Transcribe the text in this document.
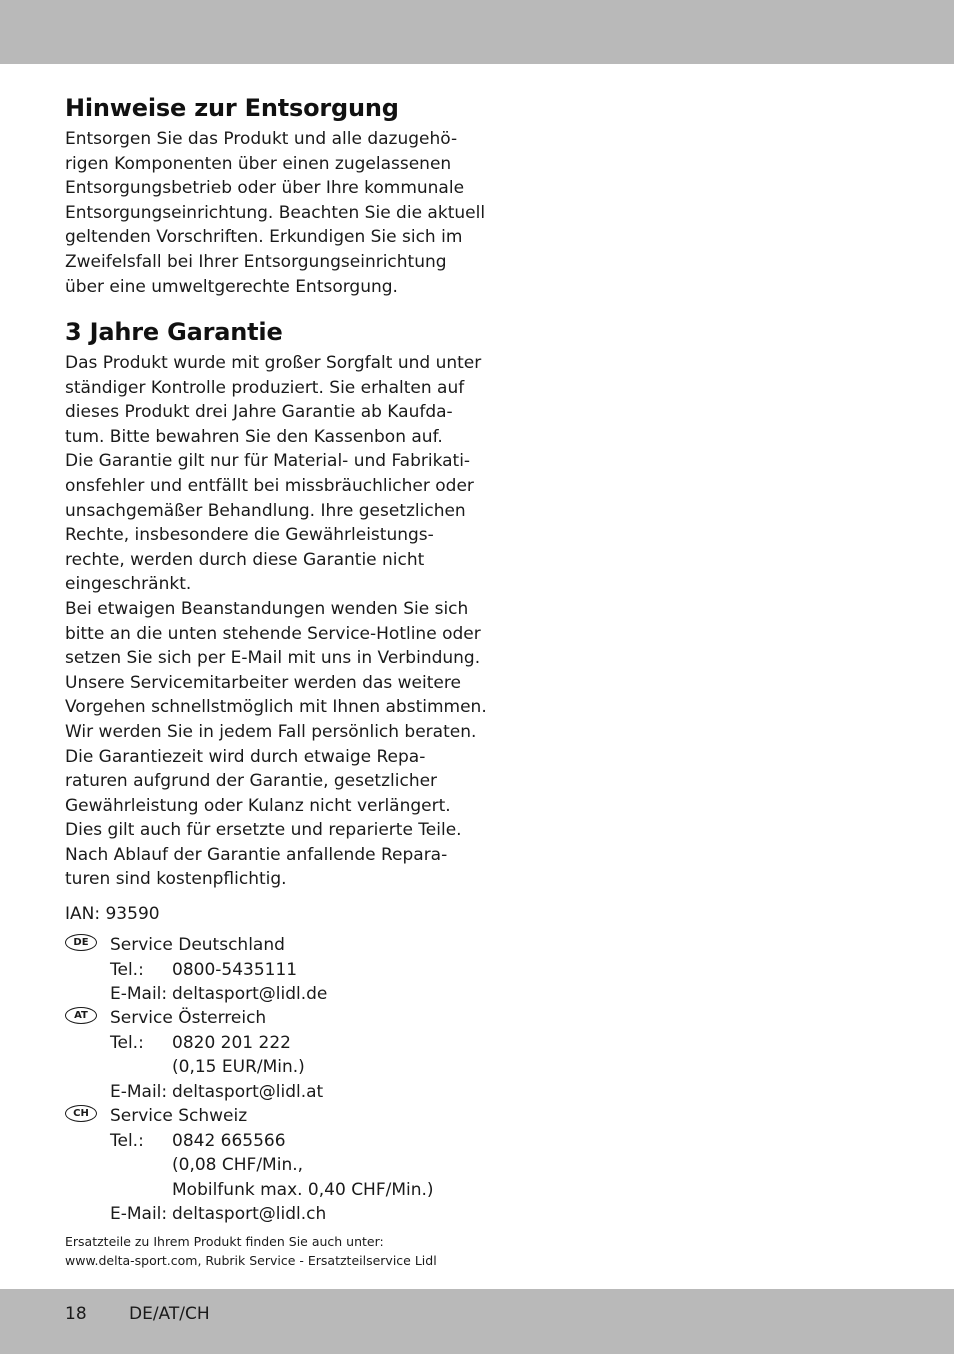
Hinweise zur Entsorgung

Entsorgen Sie das Produkt und alle dazugehö-
rigen Komponenten über einen zugelassenen
Entsorgungsbetrieb oder über Ihre kommunale
Entsorgungseinrichtung. Beachten Sie die aktuell
geltenden Vorschriften. Erkundigen Sie sich im
Zweifelsfall bei Ihrer Entsorgungseinrichtung
über eine umweltgerechte Entsorgung.

3 Jahre Garantie

Das Produkt wurde mit großer Sorgfalt und unter
ständiger Kontrolle produziert. Sie erhalten auf
dieses Produkt drei Jahre Garantie ab Kaufda-
tum. Bitte bewahren Sie den Kassenbon auf.
Die Garantie gilt nur für Material- und Fabrikati-
onsfehler und entfällt bei missbräuchlicher oder
unsachgemäßer Behandlung. Ihre gesetzlichen
Rechte, insbesondere die Gewährleistungs-
rechte, werden durch diese Garantie nicht
eingeschränkt.
Bei etwaigen Beanstandungen wenden Sie sich
bitte an die unten stehende Service-Hotline oder
setzen Sie sich per E-Mail mit uns in Verbindung.
Unsere Servicemitarbeiter werden das weitere
Vorgehen schnellstmöglich mit Ihnen abstimmen.
Wir werden Sie in jedem Fall persönlich beraten.
Die Garantiezeit wird durch etwaige Repa-
raturen aufgrund der Garantie, gesetzlicher
Gewährleistung oder Kulanz nicht verlängert.
Dies gilt auch für ersetzte und reparierte Teile.
Nach Ablauf der Garantie anfallende Repara-
turen sind kostenpflichtig.

IAN: 93590
DE	Service Deutschland
Tel.:	0800-5435111
E-Mail: deltasport@lidl.de
AT	Service Österreich
Tel.:	0820 201 222
(0,15 EUR/Min.)
E-Mail: deltasport@lidl.at
CH	Service Schweiz
Tel.:	0842 665566
(0,08 CHF/Min.,
Mobilfunk max. 0,40 CHF/Min.)
E-Mail: deltasport@lidl.ch
Ersatzteile zu Ihrem Produkt finden Sie auch unter:
www.delta-sport.com, Rubrik Service - Ersatzteilservice Lidl
18 DE/AT/CH
